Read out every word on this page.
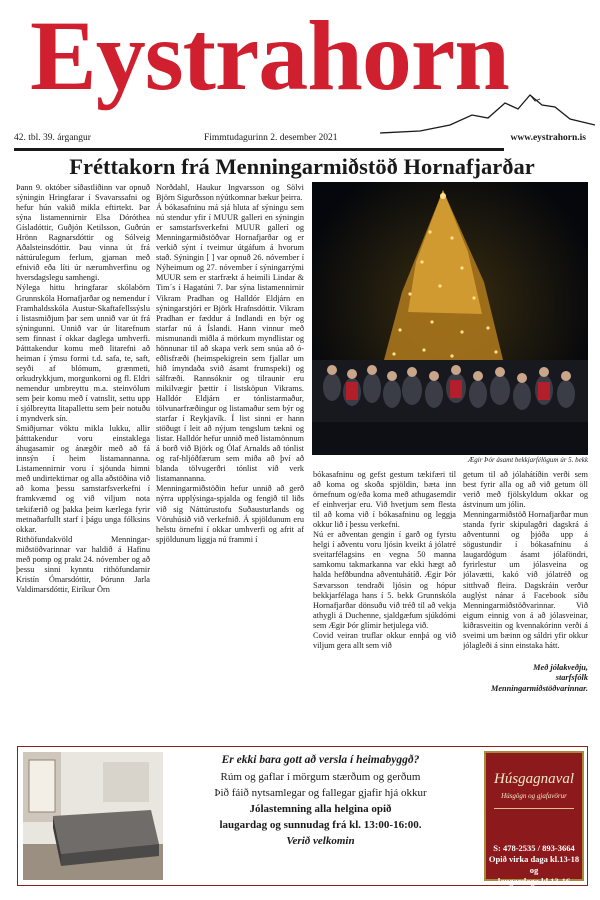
Eystrahorn
42. tbl. 39. árgangur	Fimmtudagurinn 2. desember 2021	www.eystrahorn.is
Fréttakorn frá Menningarmiðstöð Hornafjarðar

Þann 9. október síðastliðinn var opnuð sýningin Hringfarar í Svavarssafni og hefur hún vakið mikla eftirtekt. Þar sýna listamennirnir Elsa Dóróthea Gísladóttir, Guðjón Ketilsson, Guðrún Hrönn Ragnarsdóttir og Sólveig Aðalsteinsdóttir. Þau vinna út frá náttúrulegum ferlum, gjarnan með efnivið eða líti úr nærumhverfinu og hversdagslegu samhengi.

Nýlega hittu hringfarar skólabörn Grunnskóla Hornafjarðar og nemendur í Framhaldsskóla Austur-Skaftafellssýslu í listasmiðjum þar sem unnið var út frá sýningunni. Unnið var úr litarefnum sem finnast í okkar daglega umhverfi. Þátttakendur komu með litarefni að heiman í ýmsu formi t.d. safa, te, saft, seyði af blómum, grænmeti, orkudrykkjum, morgunkorni og fl. Eldri nemendur umbreyttu m.a. steinvölum sem þeir komu með í vatnslit, settu upp í sjólbreytta litapallettu sem þeir notuðu í myndverk sín.

Smiðjurnar vöktu mikla lukku, allir þátttakendur voru einstaklega áhugasamir og ánægðir með að fá innsýn í heim listamannanna. Listamennirnir voru í sjöunda himni með undirtektirnar og alla aðstöðina við að koma þessu samstarfsverkefni í framkvæmd og við viljum nota tækifærið og þakka þeim kærlega fyrir metnaðarfullt starf í þágu unga fólksins okkar.

Rithöfundakvöld Menningar-miðstöðvarinnar var haldið á Hafinu með pomp og prakt 24. nóvember og að þessu sinni kynntu rithöfundarnir Kristín Ómarsdóttir, Þórunn Jarla Valdimarsdóttir, Eiríkur Örn

Norðdahl, Haukur Ingvarsson og Sölvi Björn Sigurðsson nýútkomnar bækur þeirra.

Á bókasafninu má sjá hluta af sýningu sem nú stendur yfir í MUUR galleri en sýningin er samstarfsverkefni MUUR gallerí og Menningarmiðstöðvar Hornafjarðar og er verkið sýnt í tveimur útgáfum á hvorum stað. Sýningin [ ] var opnuð 26. nóvember í Nýheimum og 27. nóvember í sýningarrými MUUR sem er starfrækt á heimili Lindar & Tim´s í Hagatúni 7. Þar sýna listamennirnir Vikram Pradhan og Halldór Eldjárn en sýningarstjóri er Björk Hrafnsdóttir. Vikram Pradhan er fæddur á Indlandi en býr og starfar nú á Íslandi. Hann vinnur með mismunandi miðla á mörkum myndlistar og hönnunar til að skapa verk sem snúa að ó-eðlisfræði (heimspekigrein sem fjallar um hið ímyndaða svið ásamt frumspeki) og sálfræði. Rannsóknir og tilraunir eru mikilvægir þættir í listsköpun Vikrams. Halldór Eldjárn er tónlistarmaður, tölvunarfræðingur og listamaður sem býr og starfar í Reykjavík. Í list sinni er hann stöðugt í leit að nýjum tengslum tækni og listar. Halldór hefur unnið með listamönnum á borð við Björk og Ólaf Arnalds að tónlist og raf-hljóðfærum sem miða að því að blanda tölvugerðri tónlist við verk listamannanna.

Menningarmiðstöðin hefur unnið að gerð nýrra upplýsinga-spjalda og fengið til liðs við sig Náttúrustofu Suðausturlands og Vöruhúsið við verkefnið. Á spjöldunum eru helstu örnefni í okkar umhverfi og afrit af spjöldunum liggja nú frammi í

Ægir Þór ásamt bekkjarfélögum úr 5. bekk

bókasafninu og gefst gestum tækifæri til að koma og skoða spjöldin, bæta inn örnefnum og/eða koma með athugasemdir ef einhverjar eru. Við hvetjum sem flesta til að koma við í bókasafninu og leggja okkur lið í þessu verkefni.

Nú er aðventan gengin í garð og fyrstu helgi í aðventu voru ljósin kveikt á jólatré sveitarfélagsins en vegna 50 manna samkomu takmarkanna var ekki hægt að halda hefðbundna aðventuhátíð. Ægir Þór Sævarsson tendraði ljósin og hópur bekkjarfélaga hans í 5. bekk Grunnskóla Hornafjarðar dönsuðu við tréð til að vekja athygli á Duchenne, sjaldgæfum sjúkdómi sem Ægir Þór glímir hetjulega við.

Covid veiran truflar okkur ennþá og við viljum gera allt sem við

getum til að jólahátíðin verði sem best fyrir alla og að við getum öll verið með fjölskyldum okkar og ástvinum um jólin.

Menningarmiðstöð Hornafjarðar mun standa fyrir skipulagðri dagskrá á aðventunni og þjóða upp á sögustundir í bókasafninu á laugardögum ásamt jólaföndri, fyrirlestur um jólasveina og jólavætti, kakó við jólatréð og sitthvað fleira. Dagskráin verður auglýst nánar á Facebook síðu Menningarmiðstöðvarinnar. Við eigum einnig von á að jólasveinar, kiðrasveitin og kvennakórinn verði á sveimi um bæinn og sáldri yfir okkur jólagleði á sinn einstaka hátt.

Með jólakveðju,
starfsfólk
Menningarmiðstöðvarinnar.

Er ekki bara gott að versla í heimabyggð?
Rúm og gaflar í mörgum stærðum og gerðum
Þið fáið nytsamlegar og fallegar gjafir hjá okkur
Jólastemning alla helgina opið
laugardag og sunnudag frá kl. 13:00-16:00.
Verið velkomin
Húsgagnaval
Húsgögn og gjafavörur
S: 478-2535 / 893-3664
Opið virka daga kl.13-18 og
laugardaga kl.13-16
